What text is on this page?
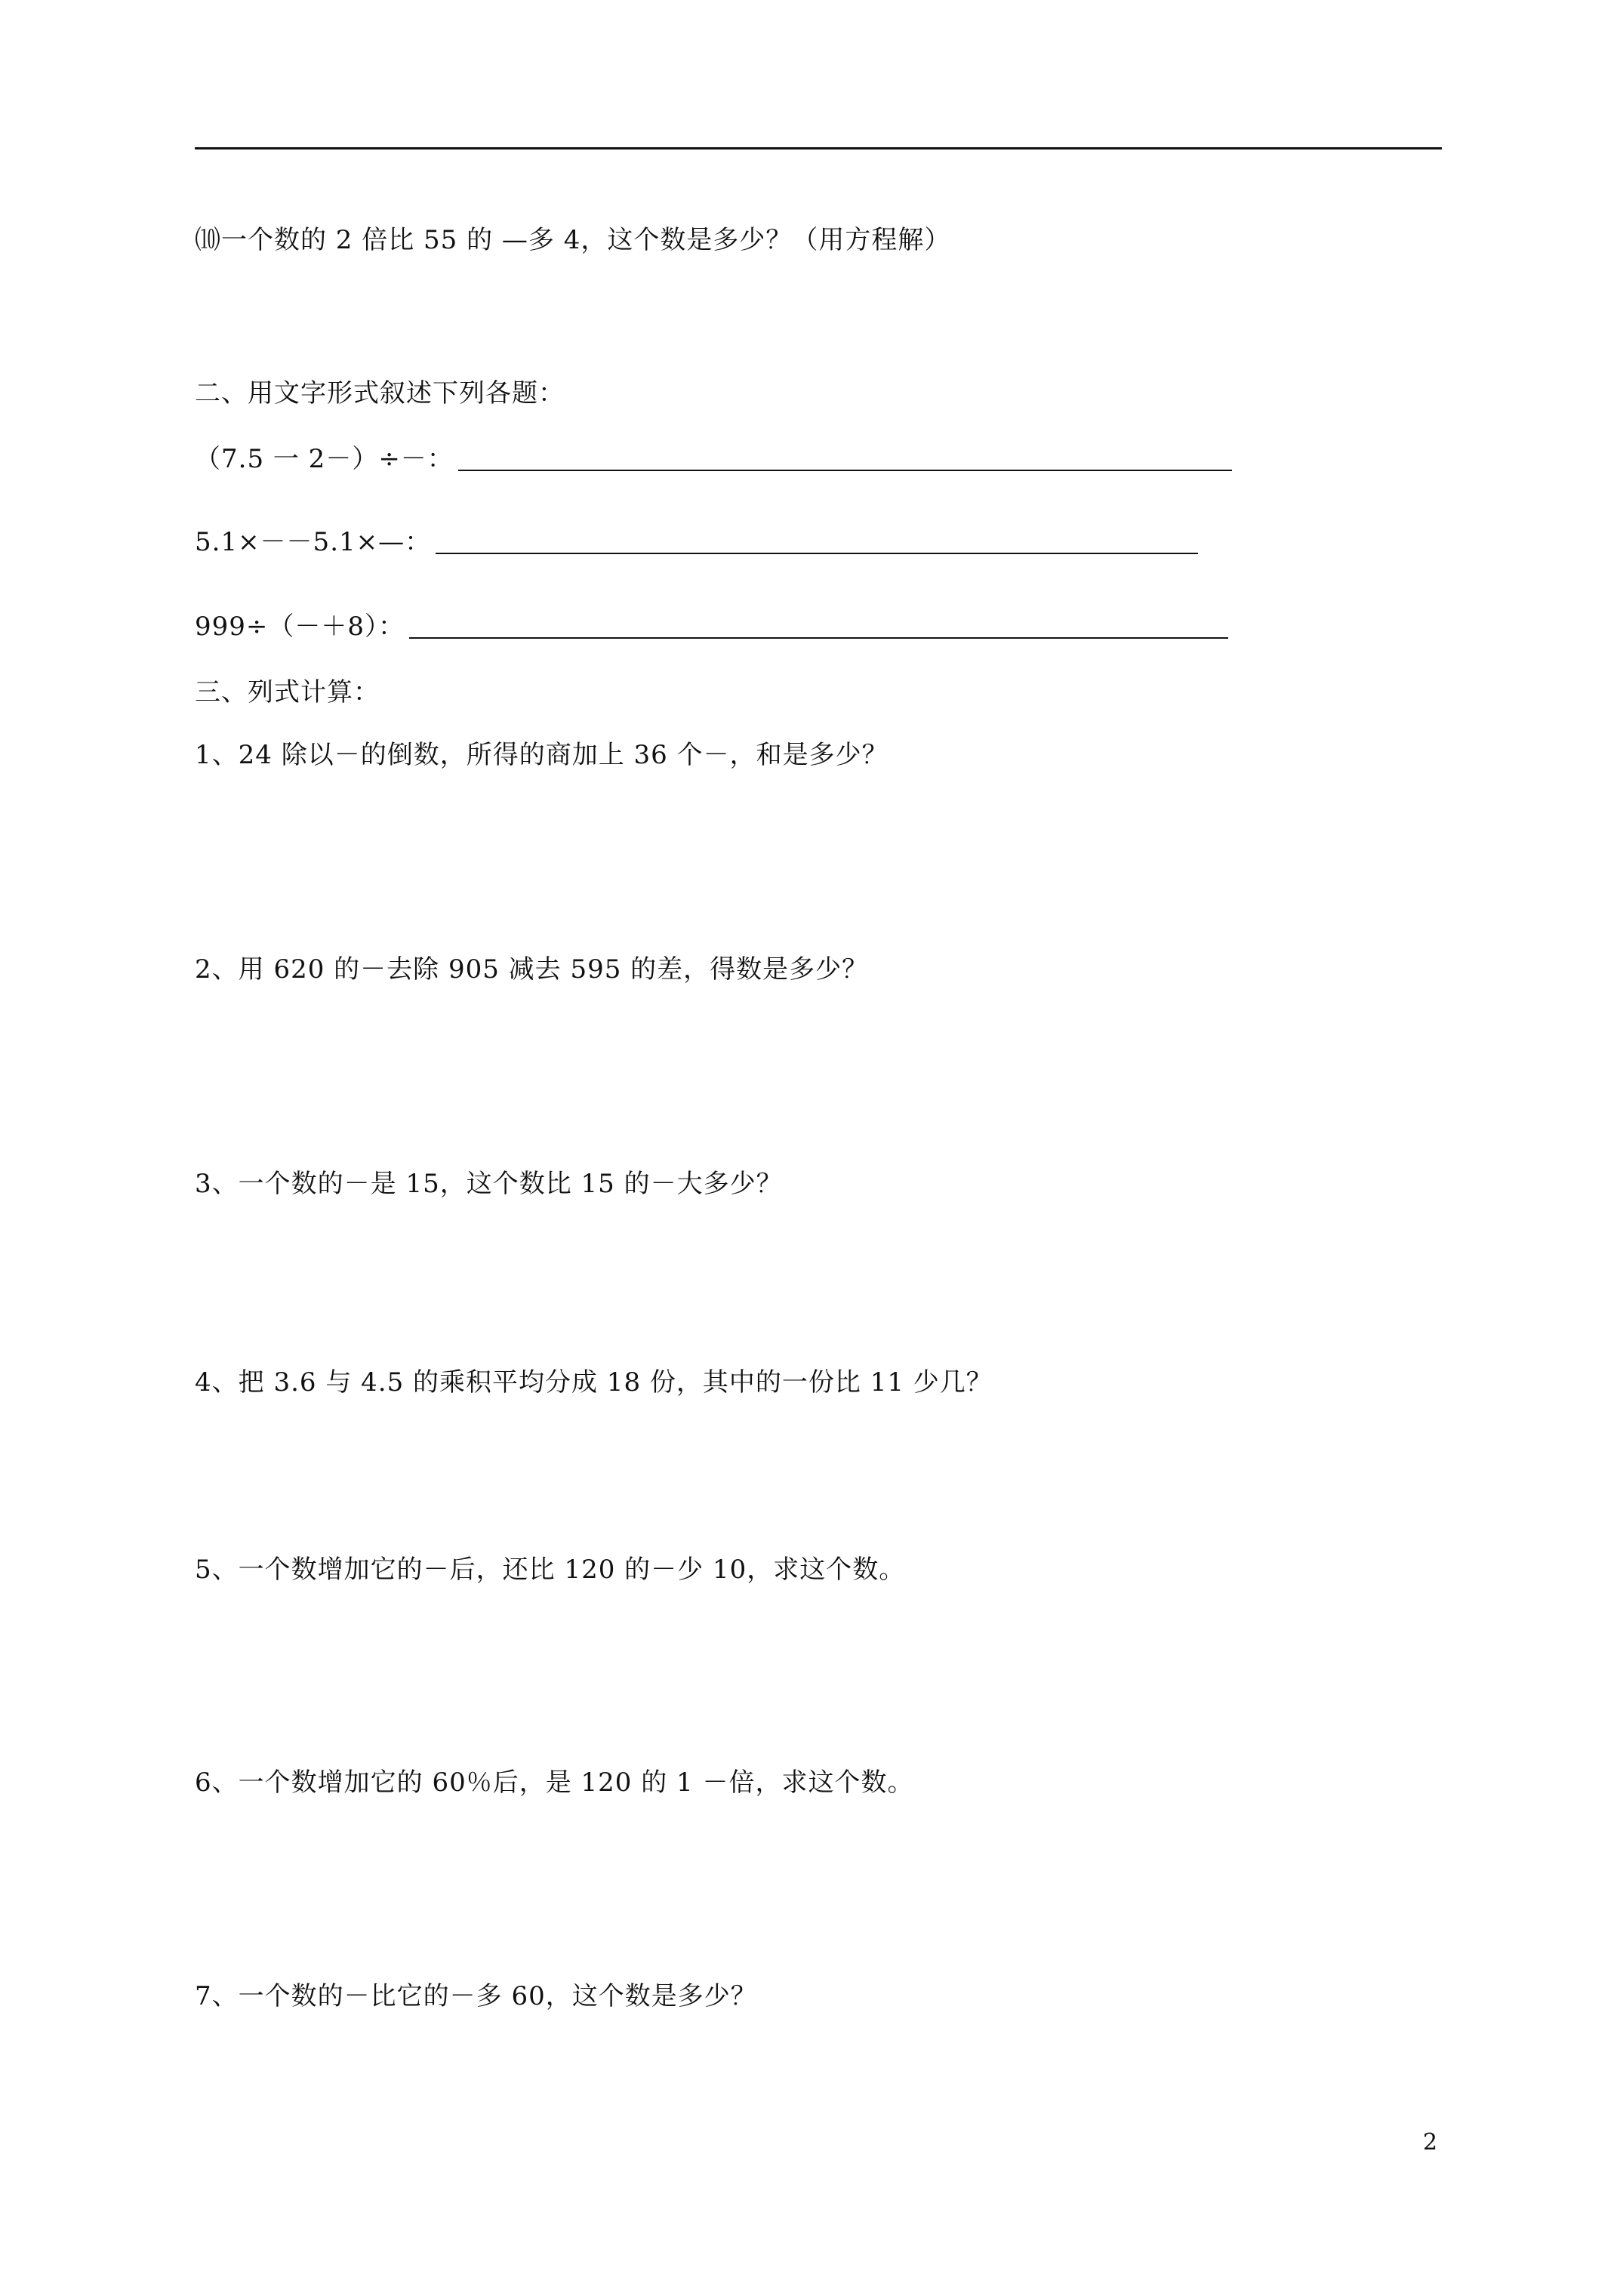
⑽一个数的 2 倍比 55 的 —多 4，这个数是多少？（用方程解）
二、用文字形式叙述下列各题：
（7.5 一 2－）÷－：
5.1×－－5.1×—：
999÷（－＋8）：
三、列式计算：
1、24 除以－的倒数，所得的商加上 36 个－，和是多少？
2、用 620 的－去除 905 减去 595 的差，得数是多少？
3、一个数的－是 15，这个数比 15 的－大多少？
4、把 3.6 与 4.5 的乘积平均分成 18 份，其中的一份比 11 少几？
5、一个数增加它的－后，还比 120 的－少 10，求这个数。
6、一个数增加它的 60％后，是 120 的 1 －倍，求这个数。
7、一个数的－比它的－多 60，这个数是多少？
2
